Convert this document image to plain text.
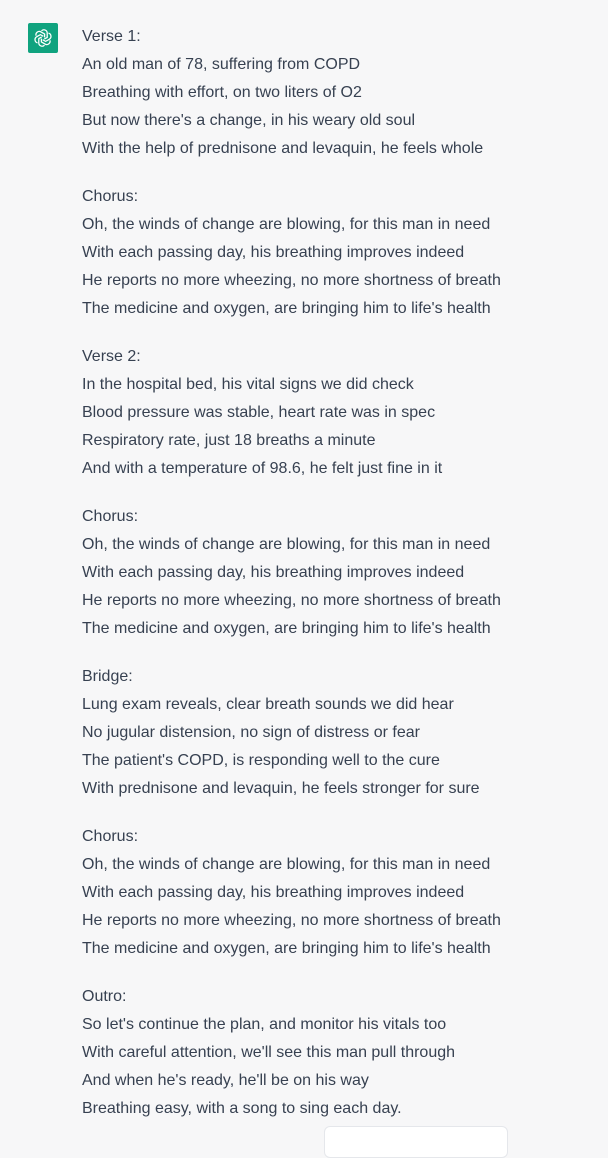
Verse 1:
An old man of 78, suffering from COPD
Breathing with effort, on two liters of O2
But now there's a change, in his weary old soul
With the help of prednisone and levaquin, he feels whole
Chorus:
Oh, the winds of change are blowing, for this man in need
With each passing day, his breathing improves indeed
He reports no more wheezing, no more shortness of breath
The medicine and oxygen, are bringing him to life's health
Verse 2:
In the hospital bed, his vital signs we did check
Blood pressure was stable, heart rate was in spec
Respiratory rate, just 18 breaths a minute
And with a temperature of 98.6, he felt just fine in it
Chorus:
Oh, the winds of change are blowing, for this man in need
With each passing day, his breathing improves indeed
He reports no more wheezing, no more shortness of breath
The medicine and oxygen, are bringing him to life's health
Bridge:
Lung exam reveals, clear breath sounds we did hear
No jugular distension, no sign of distress or fear
The patient's COPD, is responding well to the cure
With prednisone and levaquin, he feels stronger for sure
Chorus:
Oh, the winds of change are blowing, for this man in need
With each passing day, his breathing improves indeed
He reports no more wheezing, no more shortness of breath
The medicine and oxygen, are bringing him to life's health
Outro:
So let's continue the plan, and monitor his vitals too
With careful attention, we'll see this man pull through
And when he's ready, he'll be on his way
Breathing easy, with a song to sing each day.
